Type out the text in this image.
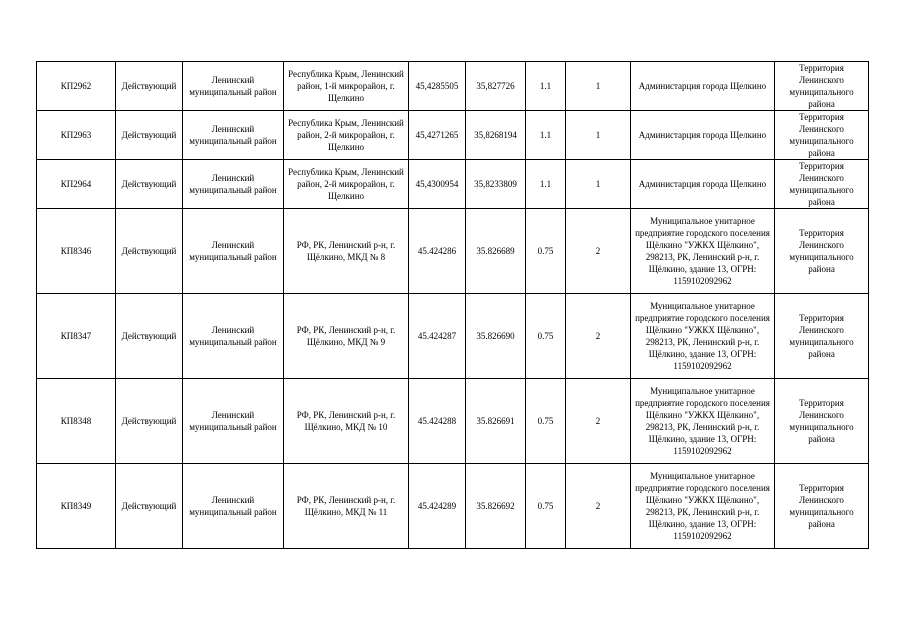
КП2962	Действующий	Ленинский муниципальный район	Республика Крым, Ленинский район, 1-й микрорайон, г. Щелкино	45,4285505	35,827726	1.1	1	Администарция города Щелкино	Территория Ленинского муниципального района
КП2963	Действующий	Ленинский муниципальный район	Республика Крым, Ленинский район, 2-й микрорайон, г. Щелкино	45,4271265	35,8268194	1.1	1	Администарция города Щелкино	Территория Ленинского муниципального района
КП2964	Действующий	Ленинский муниципальный район	Республика Крым, Ленинский район, 2-й микрорайон, г. Щелкино	45,4300954	35,8233809	1.1	1	Администарция города Щелкино	Территория Ленинского муниципального района
КП8346	Действующий	Ленинский муниципальный район	РФ, РК, Ленинский р-н, г. Щёлкино, МКД № 8	45.424286	35.826689	0.75	2	Муниципальное унитарное предприятие городского поселения Щёлкино "УЖКХ Щёлкино", 298213, РК, Ленинский р-н, г. Щёлкино, здание 13, ОГРН: 1159102092962	Территория Ленинского муниципального района
КП8347	Действующий	Ленинский муниципальный район	РФ, РК, Ленинский р-н, г. Щёлкино, МКД № 9	45.424287	35.826690	0.75	2	Муниципальное унитарное предприятие городского поселения Щёлкино "УЖКХ Щёлкино", 298213, РК, Ленинский р-н, г. Щёлкино, здание 13, ОГРН: 1159102092962	Территория Ленинского муниципального района
КП8348	Действующий	Ленинский муниципальный район	РФ, РК, Ленинский р-н, г. Щёлкино, МКД № 10	45.424288	35.826691	0.75	2	Муниципальное унитарное предприятие городского поселения Щёлкино "УЖКХ Щёлкино", 298213, РК, Ленинский р-н, г. Щёлкино, здание 13, ОГРН: 1159102092962	Территория Ленинского муниципального района
КП8349	Действующий	Ленинский муниципальный район	РФ, РК, Ленинский р-н, г. Щёлкино, МКД № 11	45.424289	35.826692	0.75	2	Муниципальное унитарное предприятие городского поселения Щёлкино "УЖКХ Щёлкино", 298213, РК, Ленинский р-н, г. Щёлкино, здание 13, ОГРН: 1159102092962	Территория Ленинского муниципального района
